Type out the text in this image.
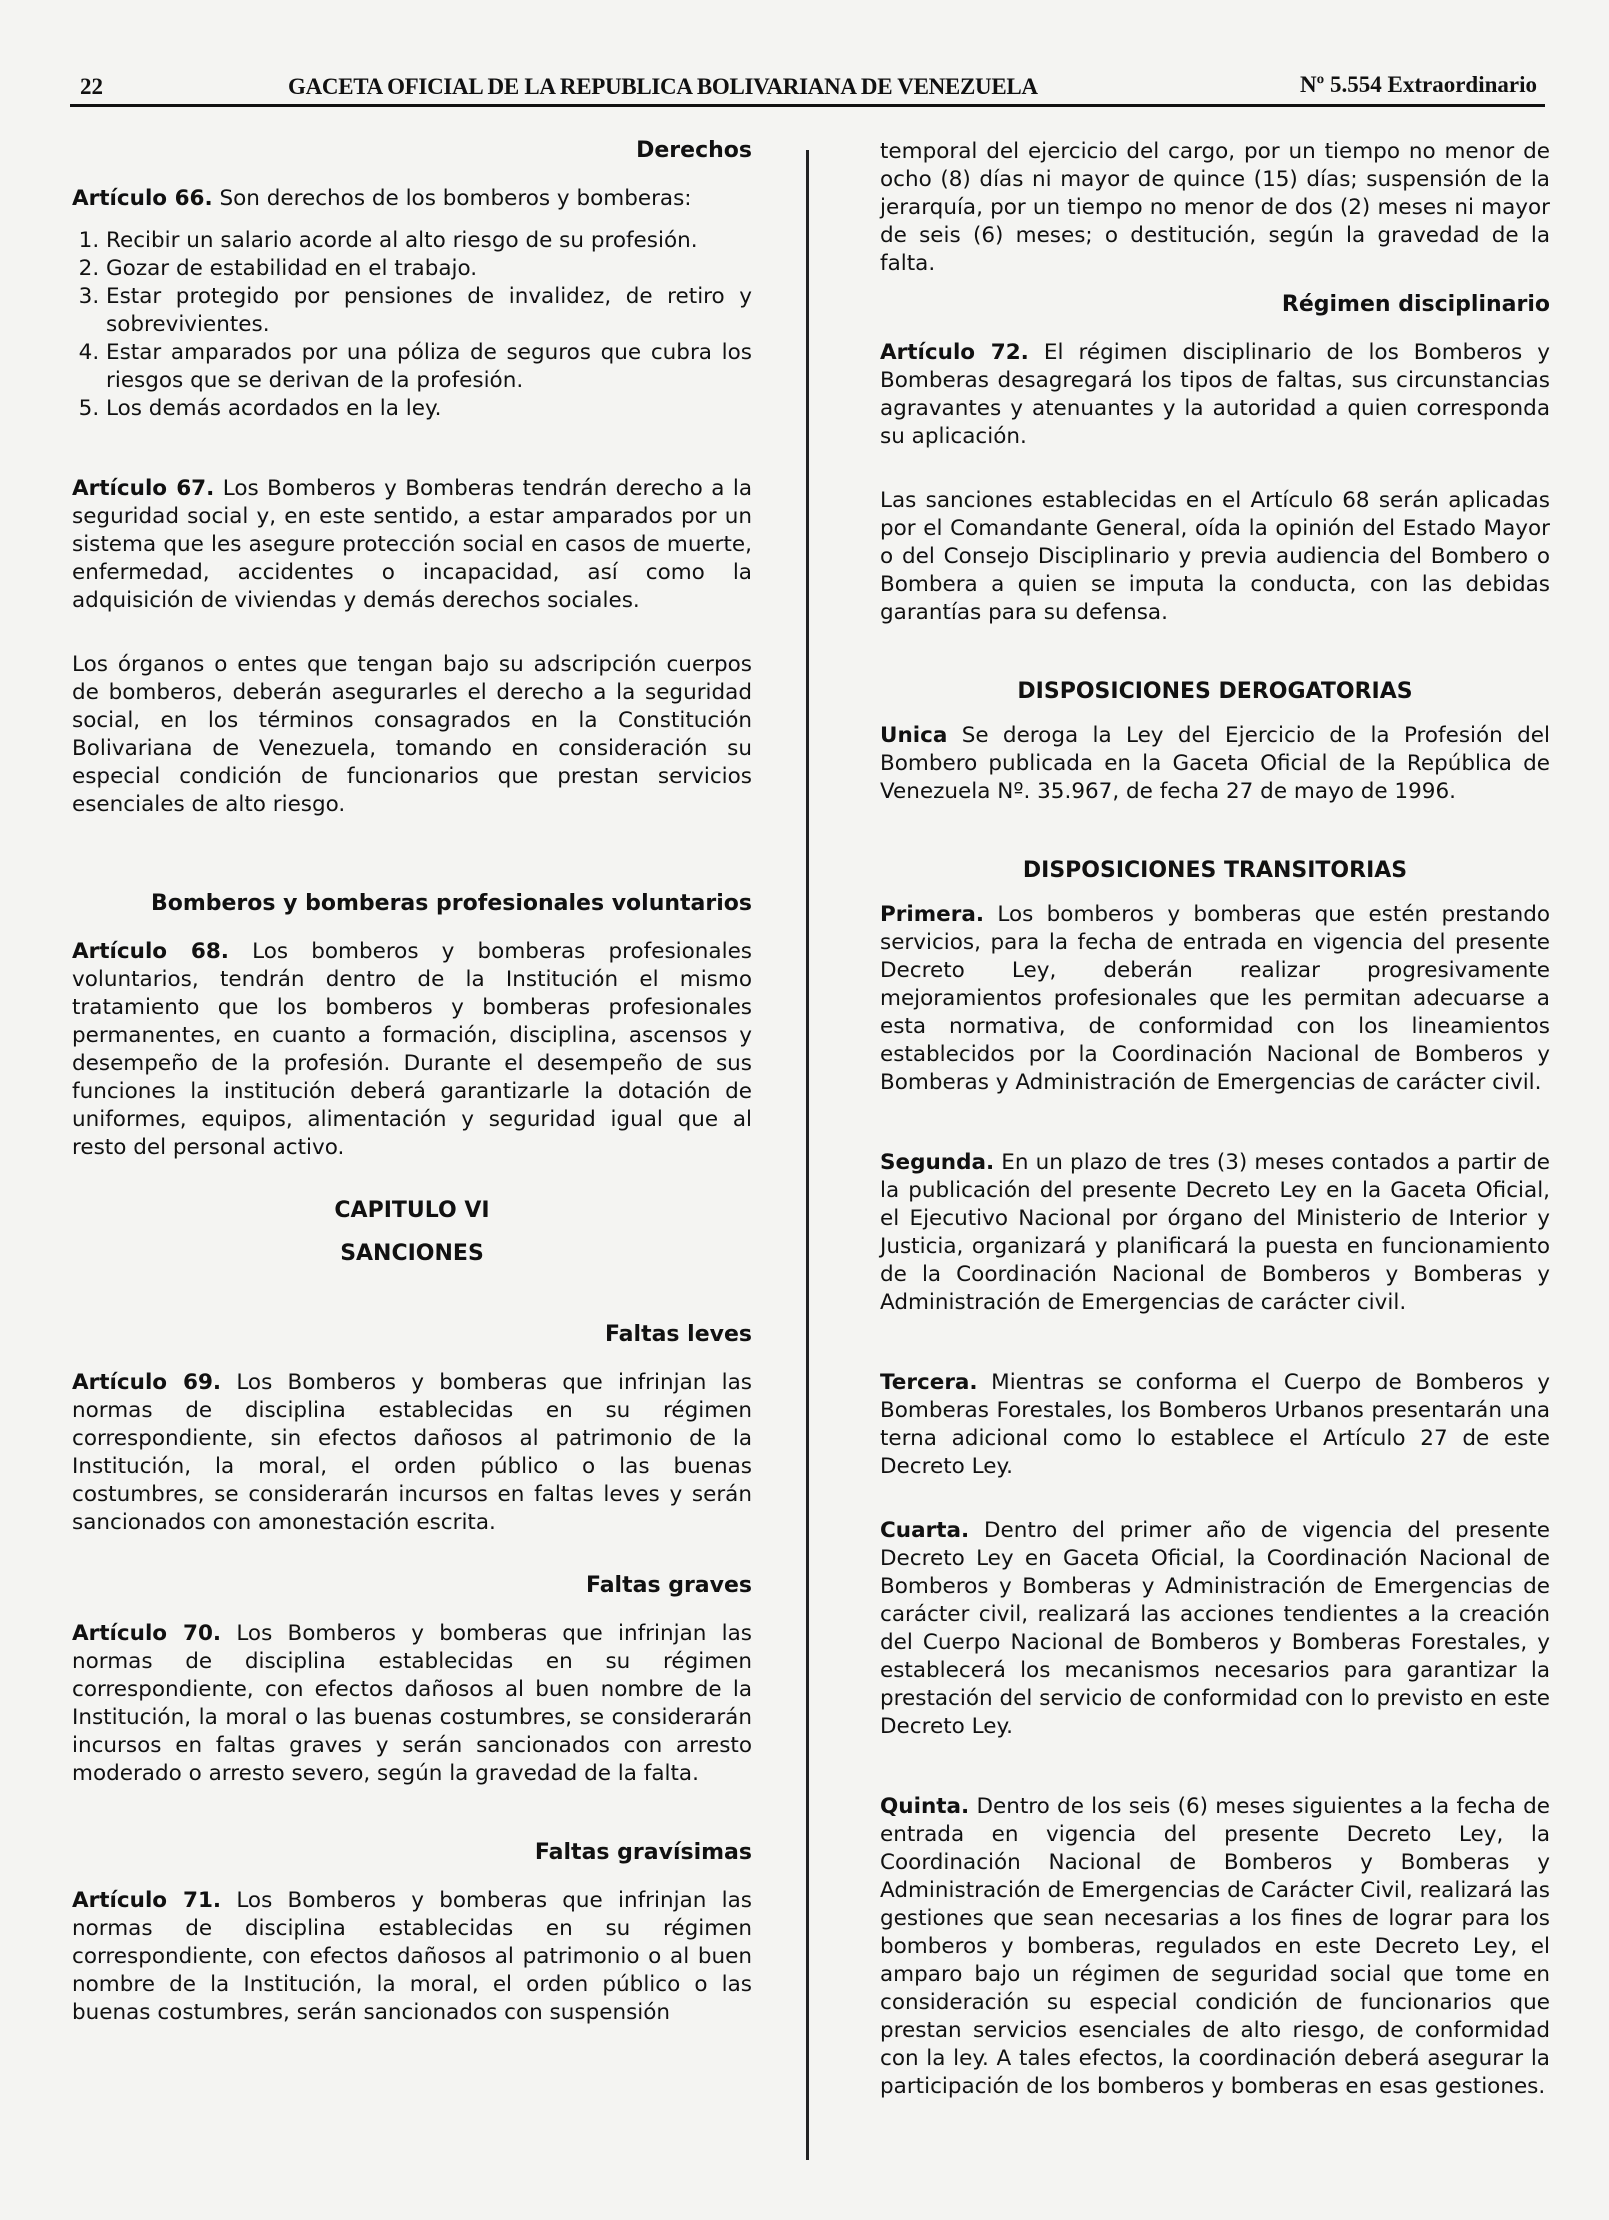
22	GACETA OFICIAL DE LA REPUBLICA BOLIVARIANA DE VENEZUELA	Nº 5.554 Extraordinario
Derechos

Artículo 66. Son derechos de los bomberos y bomberas:

1. Recibir un salario acorde al alto riesgo de su profesión.
2. Gozar de estabilidad en el trabajo.
3. Estar protegido por pensiones de invalidez, de retiro y sobrevivientes.
4. Estar amparados por una póliza de seguros que cubra los riesgos que se derivan de la profesión.
5. Los demás acordados en la ley.

Artículo 67. Los Bomberos y Bomberas tendrán derecho a la seguridad social y, en este sentido, a estar amparados por un sistema que les asegure protección social en casos de muerte, enfermedad, accidentes o incapacidad, así como la adquisición de viviendas y demás derechos sociales.

Los órganos o entes que tengan bajo su adscripción cuerpos de bomberos, deberán asegurarles el derecho a la seguridad social, en los términos consagrados en la Constitución Bolivariana de Venezuela, tomando en consideración su especial condición de funcionarios que prestan servicios esenciales de alto riesgo.

Bomberos y bomberas profesionales voluntarios

Artículo 68. Los bomberos y bomberas profesionales voluntarios, tendrán dentro de la Institución el mismo tratamiento que los bomberos y bomberas profesionales permanentes, en cuanto a formación, disciplina, ascensos y desempeño de la profesión. Durante el desempeño de sus funciones la institución deberá garantizarle la dotación de uniformes, equipos, alimentación y seguridad igual que al resto del personal activo.

CAPITULO VI
SANCIONES
Faltas leves

Artículo 69. Los Bomberos y bomberas que infrinjan las normas de disciplina establecidas en su régimen correspondiente, sin efectos dañosos al patrimonio de la Institución, la moral, el orden público o las buenas costumbres, se considerarán incursos en faltas leves y serán sancionados con amonestación escrita.

Faltas graves

Artículo 70. Los Bomberos y bomberas que infrinjan las normas de disciplina establecidas en su régimen correspondiente, con efectos dañosos al buen nombre de la Institución, la moral o las buenas costumbres, se considerarán incursos en faltas graves y serán sancionados con arresto moderado o arresto severo, según la gravedad de la falta.

Faltas gravísimas

Artículo 71. Los Bomberos y bomberas que infrinjan las normas de disciplina establecidas en su régimen correspondiente, con efectos dañosos al patrimonio o al buen nombre de la Institución, la moral, el orden público o las buenas costumbres, serán sancionados con suspensión

temporal del ejercicio del cargo, por un tiempo no menor de ocho (8) días ni mayor de quince (15) días; suspensión de la jerarquía, por un tiempo no menor de dos (2) meses ni mayor de seis (6) meses; o destitución, según la gravedad de la falta.

Régimen disciplinario

Artículo 72. El régimen disciplinario de los Bomberos y Bomberas desagregará los tipos de faltas, sus circunstancias agravantes y atenuantes y la autoridad a quien corresponda su aplicación.

Las sanciones establecidas en el Artículo 68 serán aplicadas por el Comandante General, oída la opinión del Estado Mayor o del Consejo Disciplinario y previa audiencia del Bombero o Bombera a quien se imputa la conducta, con las debidas garantías para su defensa.

DISPOSICIONES DEROGATORIAS

Unica Se deroga la Ley del Ejercicio de la Profesión del Bombero publicada en la Gaceta Oficial de la República de Venezuela Nº. 35.967, de fecha 27 de mayo de 1996.

DISPOSICIONES TRANSITORIAS

Primera. Los bomberos y bomberas que estén prestando servicios, para la fecha de entrada en vigencia del presente Decreto Ley, deberán realizar progresivamente mejoramientos profesionales que les permitan adecuarse a esta normativa, de conformidad con los lineamientos establecidos por la Coordinación Nacional de Bomberos y Bomberas y Administración de Emergencias de carácter civil.

Segunda. En un plazo de tres (3) meses contados a partir de la publicación del presente Decreto Ley en la Gaceta Oficial, el Ejecutivo Nacional por órgano del Ministerio de Interior y Justicia, organizará y planificará la puesta en funcionamiento de la Coordinación Nacional de Bomberos y Bomberas y Administración de Emergencias de carácter civil.

Tercera. Mientras se conforma el Cuerpo de Bomberos y Bomberas Forestales, los Bomberos Urbanos presentarán una terna adicional como lo establece el Artículo 27 de este Decreto Ley.

Cuarta. Dentro del primer año de vigencia del presente Decreto Ley en Gaceta Oficial, la Coordinación Nacional de Bomberos y Bomberas y Administración de Emergencias de carácter civil, realizará las acciones tendientes a la creación del Cuerpo Nacional de Bomberos y Bomberas Forestales, y establecerá los mecanismos necesarios para garantizar la prestación del servicio de conformidad con lo previsto en este Decreto Ley.

Quinta. Dentro de los seis (6) meses siguientes a la fecha de entrada en vigencia del presente Decreto Ley, la Coordinación Nacional de Bomberos y Bomberas y Administración de Emergencias de Carácter Civil, realizará las gestiones que sean necesarias a los fines de lograr para los bomberos y bomberas, regulados en este Decreto Ley, el amparo bajo un régimen de seguridad social que tome en consideración su especial condición de funcionarios que prestan servicios esenciales de alto riesgo, de conformidad con la ley. A tales efectos, la coordinación deberá asegurar la participación de los bomberos y bomberas en esas gestiones.
